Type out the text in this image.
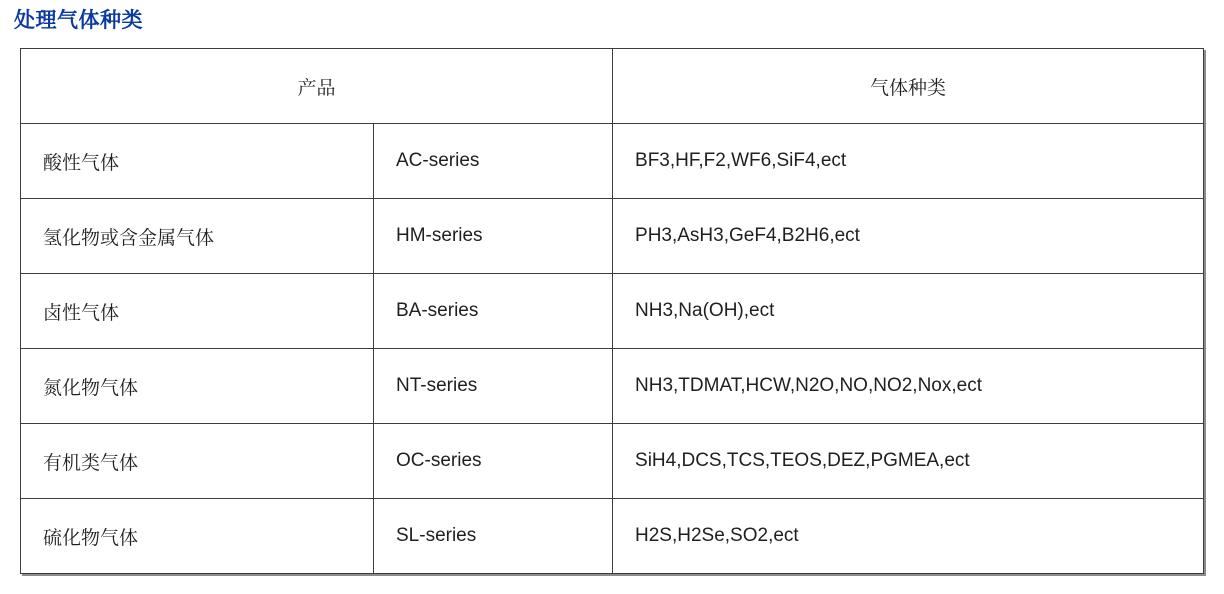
处理气体种类
产品		气体种类
酸性气体	AC-series	BF3,HF,F2,WF6,SiF4,ect
氢化物或含金属气体	HM-series	PH3,AsH3,GeF4,B2H6,ect
卤性气体	BA-series	NH3,Na(OH),ect
氮化物气体	NT-series	NH3,TDMAT,HCW,N2O,NO,NO2,Nox,ect
有机类气体	OC-series	SiH4,DCS,TCS,TEOS,DEZ,PGMEA,ect
硫化物气体	SL-series	H2S,H2Se,SO2,ect
